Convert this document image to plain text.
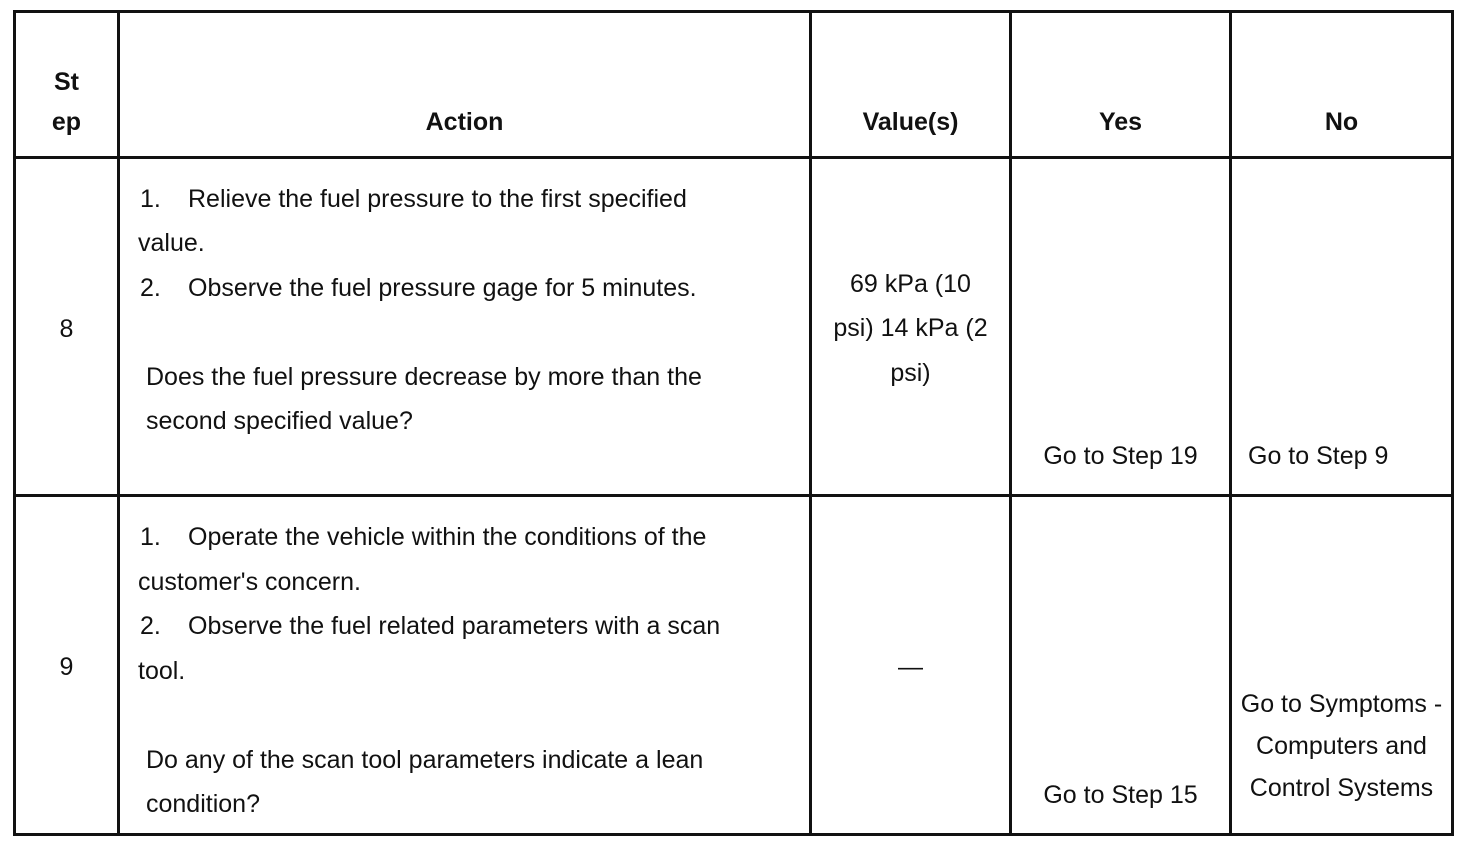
St
ep	Action	Value(s)	Yes	No

8	1. Relieve the fuel pressure to the first specified value.
2. Observe the fuel pressure gage for 5 minutes.
Does the fuel pressure decrease by more than the second specified value?	69 kPa (10 psi) 14 kPa (2 psi)	Go to Step 19	Go to Step 9

9	1. Operate the vehicle within the conditions of the customer's concern.
2. Observe the fuel related parameters with a scan tool.
Do any of the scan tool parameters indicate a lean condition?	—	Go to Step 15	Go to Symptoms - Computers and Control Systems
